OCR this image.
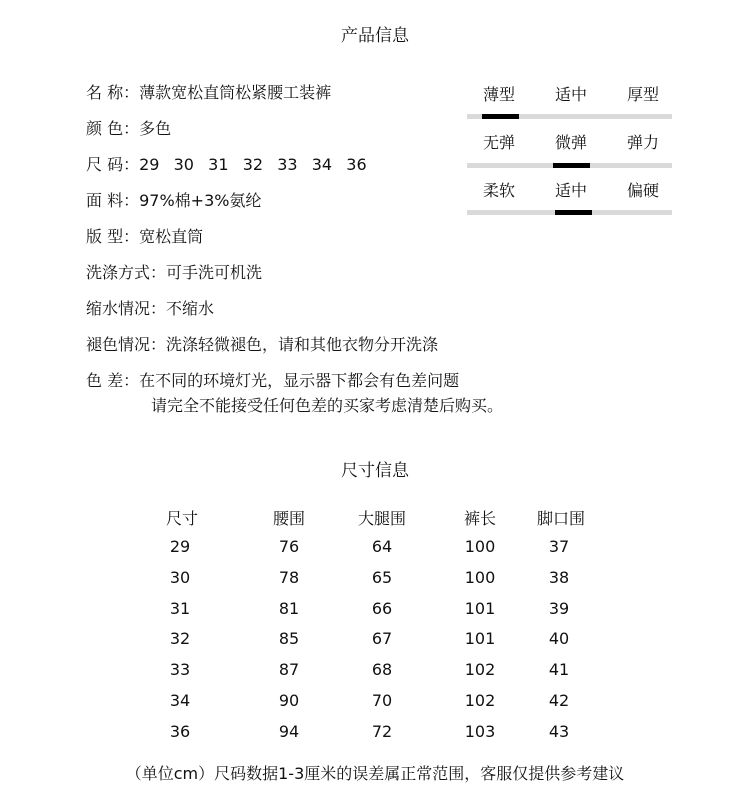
产品信息
名 称：薄款宽松直筒松紧腰工装裤
颜 色：多色
尺 码：29  30  31  32  33  34  36
面 料：97%棉+3%氨纶
版 型：宽松直筒
洗涤方式：可手洗可机洗
缩水情况：不缩水
褪色情况：洗涤轻微褪色，请和其他衣物分开洗涤
色 差：在不同的环境灯光，显示器下都会有色差问题
请完全不能接受任何色差的买家考虑清楚后购买。
薄型	适中	厚型
无弹	微弹	弹力
柔软	适中	偏硬
尺寸信息
尺寸	腰围	大腿围	裤长	脚口围
29	76	64	100	37
30	78	65	100	38
31	81	66	101	39
32	85	67	101	40
33	87	68	102	41
34	90	70	102	42
36	94	72	103	43
（单位cm）尺码数据1-3厘米的误差属正常范围，客服仅提供参考建议
